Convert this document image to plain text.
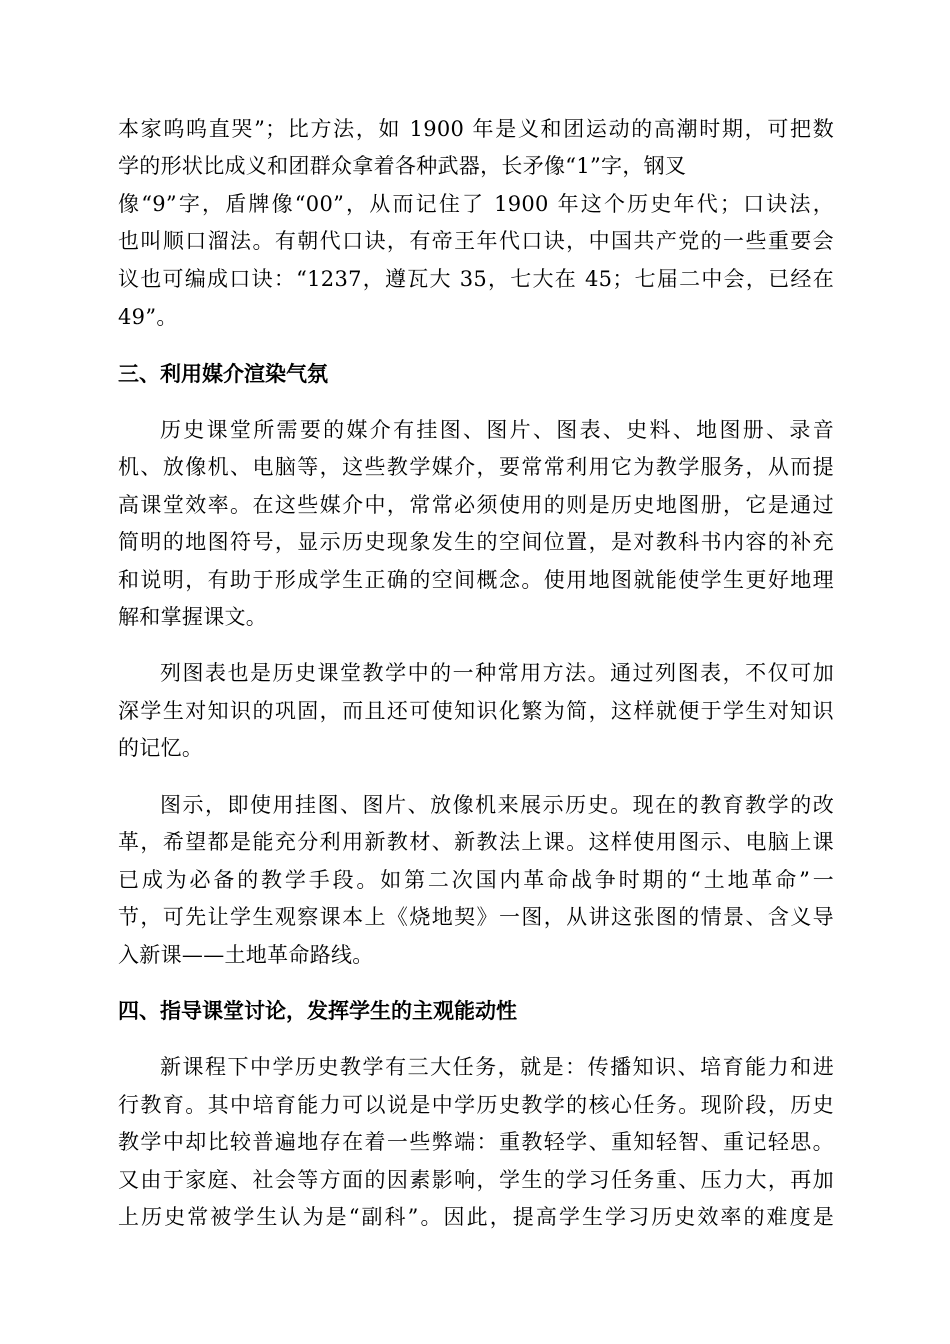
本家呜呜直哭”；比方法，如 1900 年是义和团运动的高潮时期，可把数
学的形状比成义和团群众拿着各种武器，长矛像“1”字，钢叉
像“9”字，盾牌像“00”，从而记住了 1900 年这个历史年代；口诀法，
也叫顺口溜法。有朝代口诀，有帝王年代口诀，中国共产党的一些重要会
议也可编成口诀：“1237，遵瓦大 35，七大在 45；七届二中会，已经在
49”。
三、利用媒介渲染气氛
历史课堂所需要的媒介有挂图、图片、图表、史料、地图册、录音
机、放像机、电脑等，这些教学媒介，要常常利用它为教学服务，从而提
高课堂效率。在这些媒介中，常常必须使用的则是历史地图册，它是通过
简明的地图符号，显示历史现象发生的空间位置，是对教科书内容的补充
和说明，有助于形成学生正确的空间概念。使用地图就能使学生更好地理
解和掌握课文。
列图表也是历史课堂教学中的一种常用方法。通过列图表，不仅可加
深学生对知识的巩固，而且还可使知识化繁为简，这样就便于学生对知识
的记忆。
图示，即使用挂图、图片、放像机来展示历史。现在的教育教学的改
革，希望都是能充分利用新教材、新教法上课。这样使用图示、电脑上课
已成为必备的教学手段。如第二次国内革命战争时期的“土地革命”一
节，可先让学生观察课本上《烧地契》一图，从讲这张图的情景、含义导
入新课——土地革命路线。
四、指导课堂讨论，发挥学生的主观能动性
新课程下中学历史教学有三大任务，就是：传播知识、培育能力和进
行教育。其中培育能力可以说是中学历史教学的核心任务。现阶段，历史
教学中却比较普遍地存在着一些弊端：重教轻学、重知轻智、重记轻思。
又由于家庭、社会等方面的因素影响，学生的学习任务重、压力大，再加
上历史常被学生认为是“副科”。因此，提高学生学习历史效率的难度是
